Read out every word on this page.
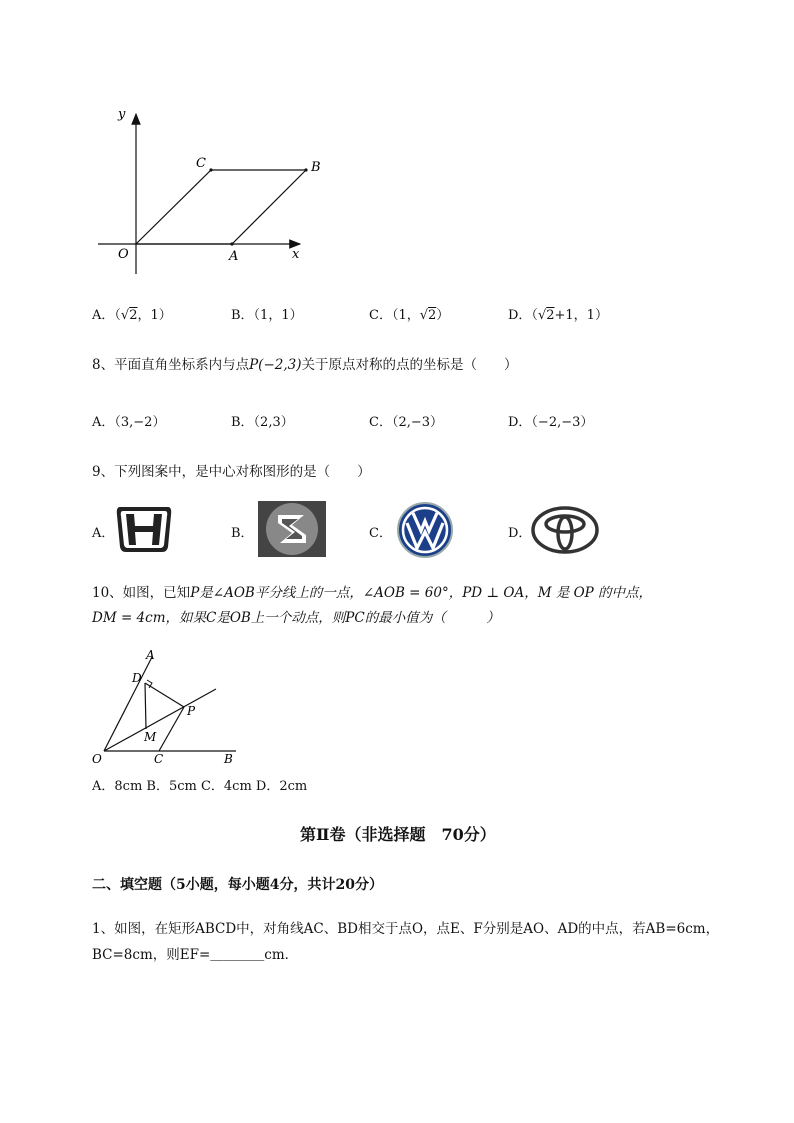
y
x
O	A
B
C
A．（√2，1）	B．（1，1）	C．（1，√2）	D．（√2+1，1）
8、平面直角坐标系内与点P(−2,3)关于原点对称的点的坐标是（　　）
A．（3,−2）	B．（2,3）	C．（2,−3）	D．（−2,−3）
9、下列图案中，是中心对称图形的是（　　）
A．	B．	C．	D．
10、如图，已知P是∠AOB平分线上的一点，∠AOB = 60°，PD ⊥ OA，M 是 OP 的中点，
DM = 4cm，如果C是OB上一个动点，则PC的最小值为（　　　）
A
D
P
M
O	C	B
A．8cm B．5cm C．4cm D．2cm
第Ⅱ卷（非选择题　70分）
二、填空题（5小题，每小题4分，共计20分）
1、如图，在矩形ABCD中，对角线AC、BD相交于点O，点E、F分别是AO、AD的中点，若AB=6cm，
BC=8cm，则EF=＿＿＿＿cm．
